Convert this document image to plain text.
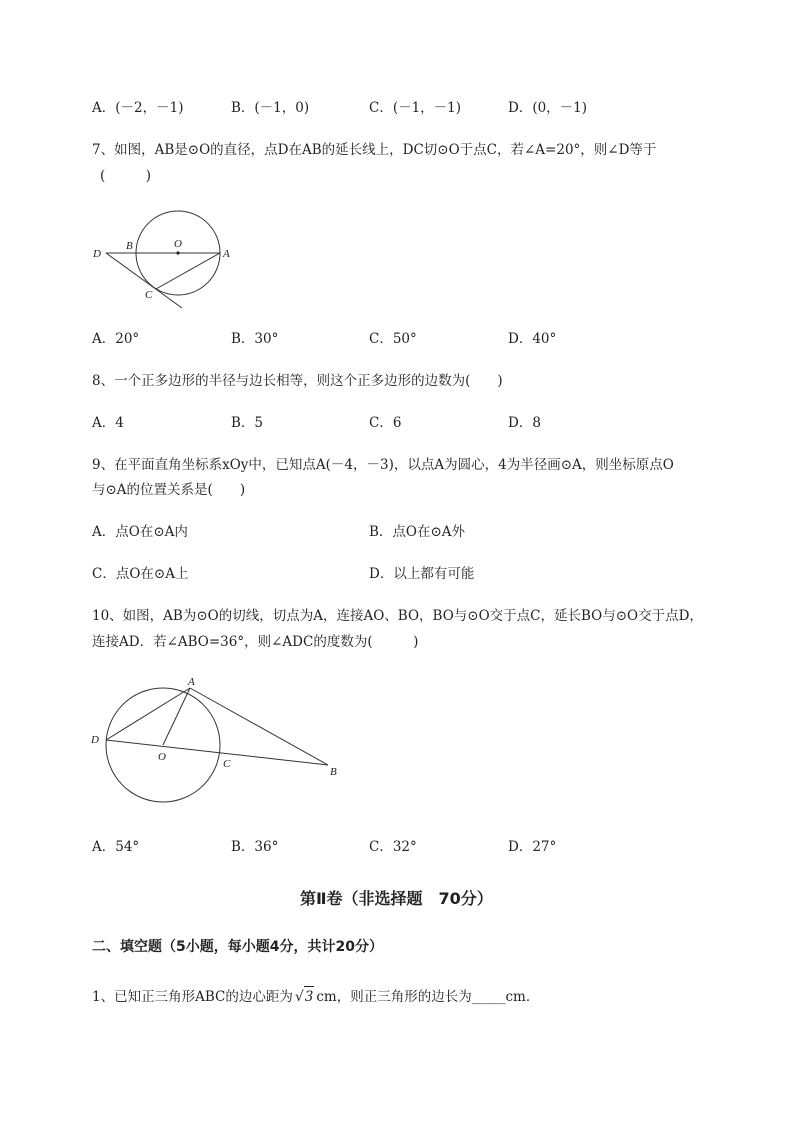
A．(－2，－1)	B．(－1，0)	C．(－1，－1)	D．(0，－1)
7、如图，AB是⊙O的直径，点D在AB的延长线上，DC切⊙O于点C，若∠A=20°，则∠D等于
(　　　)
D
B	O
A
C
A．20°	B．30°	C．50°	D．40°
8、一个正多边形的半径与边长相等，则这个正多边形的边数为(　　)
A．4	B．5	C．6	D．8
9、在平面直角坐标系xOy中，已知点A(－4，－3)，以点A为圆心，4为半径画⊙A，则坐标原点O
与⊙A的位置关系是(　　)
A．点O在⊙A内	B．点O在⊙A外
C．点O在⊙A上	D．以上都有可能
10、如图，AB为⊙O的切线，切点为A，连接AO、BO，BO与⊙O交于点C，延长BO与⊙O交于点D，
连接AD．若∠ABO=36°，则∠ADC的度数为(　　　)
A
D
O
C
B
A．54°	B．36°	C．32°	D．27°
第Ⅱ卷（非选择题　70分）
二、填空题（5小题，每小题4分，共计20分）
1、已知正三角形ABC的边心距为 √ 3 cm，则正三角形的边长为_____cm．
